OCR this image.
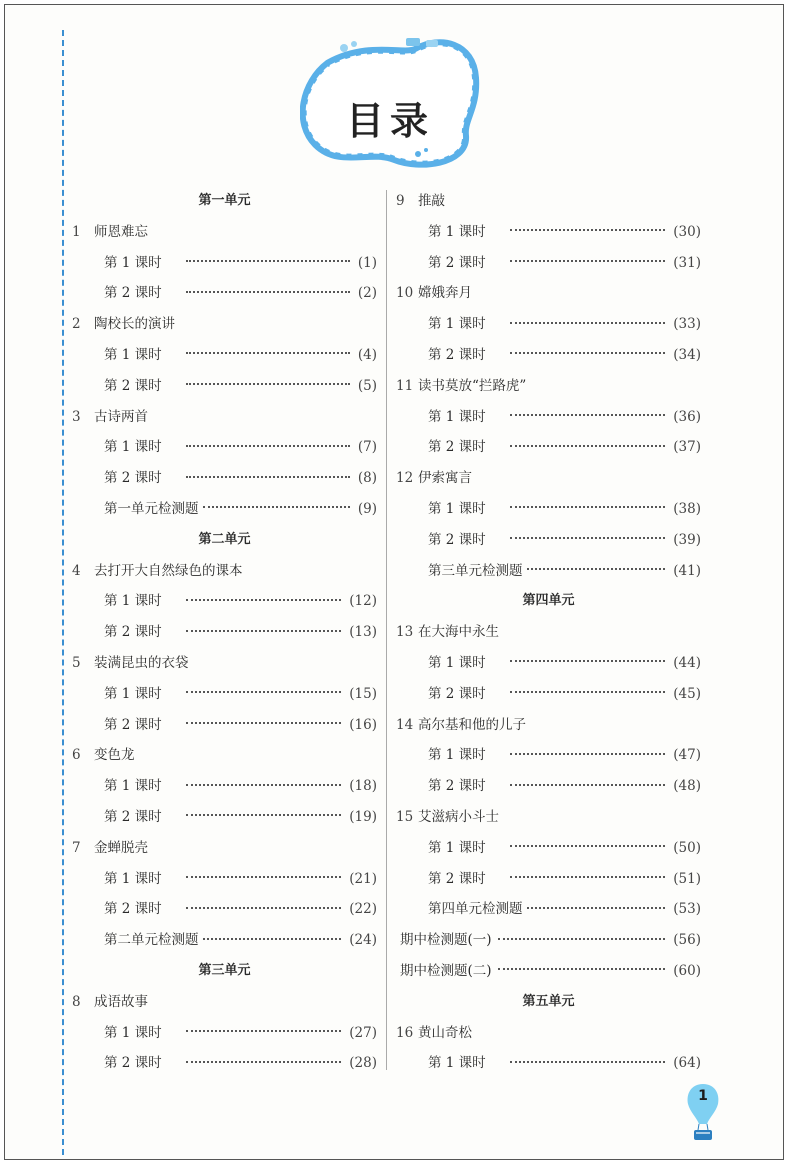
目录
第一单元
1 师恩难忘
第 1 课时	(1)
第 2 课时	(2)
2 陶校长的演讲
第 1 课时	(4)
第 2 课时	(5)
3 古诗两首
第 1 课时	(7)
第 2 课时	(8)
第一单元检测题	(9)
第二单元
4 去打开大自然绿色的课本
第 1 课时	(12)
第 2 课时	(13)
5 装满昆虫的衣袋
第 1 课时	(15)
第 2 课时	(16)
6 变色龙
第 1 课时	(18)
第 2 课时	(19)
7 金蝉脱壳
第 1 课时	(21)
第 2 课时	(22)
第二单元检测题	(24)
第三单元
8 成语故事
第 1 课时	(27)
第 2 课时	(28)
9 推敲
第 1 课时	(30)
第 2 课时	(31)
10 嫦娥奔月
第 1 课时	(33)
第 2 课时	(34)
11 读书莫放“拦路虎”
第 1 课时	(36)
第 2 课时	(37)
12 伊索寓言
第 1 课时	(38)
第 2 课时	(39)
第三单元检测题	(41)
第四单元
13 在大海中永生
第 1 课时	(44)
第 2 课时	(45)
14 高尔基和他的儿子
第 1 课时	(47)
第 2 课时	(48)
15 艾滋病小斗士
第 1 课时	(50)
第 2 课时	(51)
第四单元检测题	(53)
期中检测题(一)	(56)
期中检测题(二)	(60)
第五单元
16 黄山奇松
第 1 课时	(64)
1
